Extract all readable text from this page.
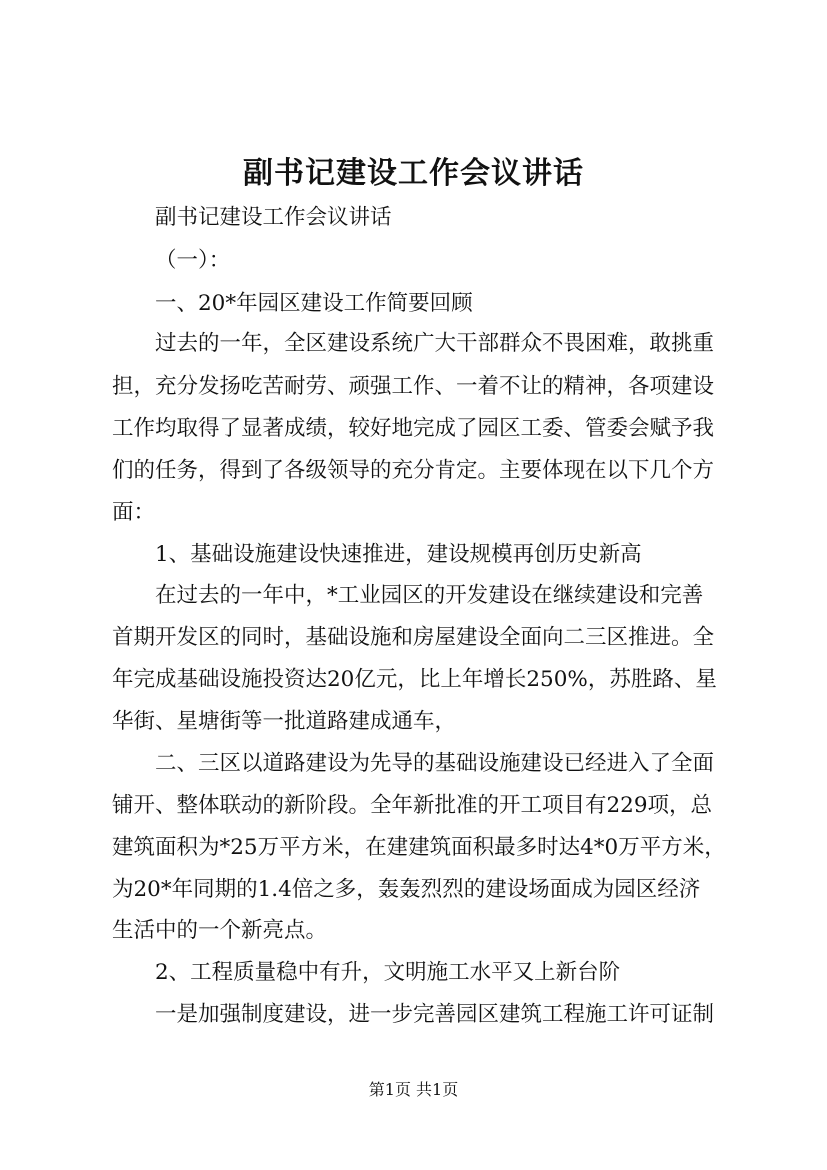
副书记建设工作会议讲话

副书记建设工作会议讲话

（一）：

一、20*年园区建设工作简要回顾

过去的一年，全区建设系统广大干部群众不畏困难，敢挑重

担，充分发扬吃苦耐劳、顽强工作、一着不让的精神，各项建设

工作均取得了显著成绩，较好地完成了园区工委、管委会赋予我

们的任务，得到了各级领导的充分肯定。主要体现在以下几个方

面：

1、基础设施建设快速推进，建设规模再创历史新高

在过去的一年中，*工业园区的开发建设在继续建设和完善

首期开发区的同时，基础设施和房屋建设全面向二三区推进。全

年完成基础设施投资达20亿元，比上年增长250%，苏胜路、星

华街、星塘街等一批道路建成通车，

二、三区以道路建设为先导的基础设施建设已经进入了全面

铺开、整体联动的新阶段。全年新批准的开工项目有229项，总

建筑面积为*25万平方米，在建建筑面积最多时达4*0万平方米，

为20*年同期的1.4倍之多，轰轰烈烈的建设场面成为园区经济

生活中的一个新亮点。

2、工程质量稳中有升，文明施工水平又上新台阶

一是加强制度建设，进一步完善园区建筑工程施工许可证制

第1页 共1页
